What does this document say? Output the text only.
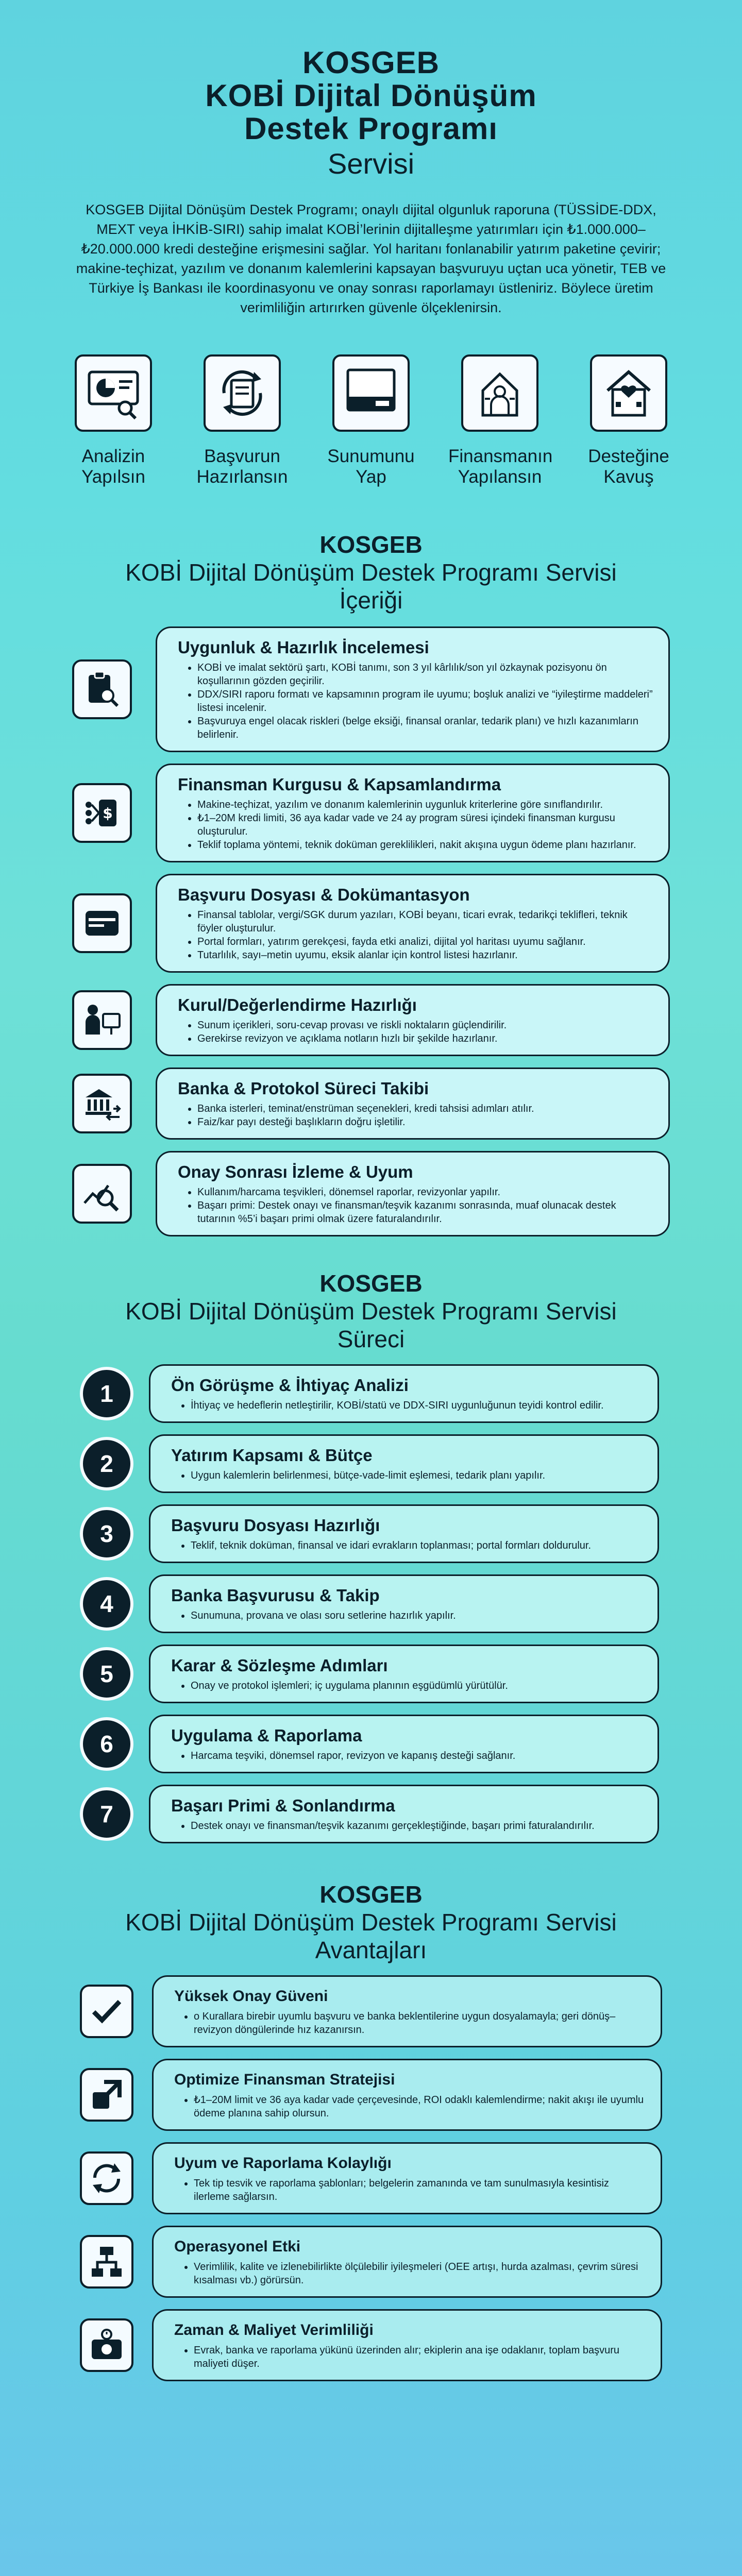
KOSGEB
KOBİ Dijital Dönüşüm
Destek Programı
Servisi

KOSGEB Dijital Dönüşüm Destek Programı; onaylı dijital olgunluk raporuna (TÜSSİDE-DDX, MEXT veya İHKİB-SIRI) sahip imalat KOBİ’lerinin dijitalleşme yatırımları için ₺1.000.000–₺20.000.000 kredi desteğine erişmesini sağlar. Yol haritanı fonlanabilir yatırım paketine çevirir; makine-teçhizat, yazılım ve donanım kalemlerini kapsayan başvuruyu uçtan uca yönetir, TEB ve Türkiye İş Bankası ile koordinasyonu ve onay sonrası raporlamayı üstleniriz. Böylece üretim verimliliğin artırırken güvenle ölçeklenirsin.

Analizin
Yapılsın
Başvurun
Hazırlansın
Sunumunu
Yap
Finansmanın
Yapılansın
Desteğine
Kavuş
KOSGEB
KOBİ Dijital Dönüşüm Destek Programı Servisi
İçeriği
Uygunluk & Hazırlık İncelemesi
• KOBİ ve imalat sektörü şartı, KOBİ tanımı, son 3 yıl kârlılık/son yıl özkaynak pozisyonu ön koşullarının gözden geçirilir.
• DDX/SIRI raporu formatı ve kapsamının program ile uyumu; boşluk analizi ve “iyileştirme maddeleri” listesi incelenir.
• Başvuruya engel olacak riskleri (belge eksiği, finansal oranlar, tedarik planı) ve hızlı kazanımların belirlenir.
$
Finansman Kurgusu & Kapsamlandırma
• Makine-teçhizat, yazılım ve donanım kalemlerinin uygunluk kriterlerine göre sınıflandırılır.
• ₺1–20M kredi limiti, 36 aya kadar vade ve 24 ay program süresi içindeki finansman kurgusu oluşturulur.
• Teklif toplama yöntemi, teknik doküman gereklilikleri, nakit akışına uygun ödeme planı hazırlanır.
Başvuru Dosyası & Dokümantasyon
• Finansal tablolar, vergi/SGK durum yazıları, KOBİ beyanı, ticari evrak, tedarikçi teklifleri, teknik föyler oluşturulur.
• Portal formları, yatırım gerekçesi, fayda etki analizi, dijital yol haritası uyumu sağlanır.
• Tutarlılık, sayı–metin uyumu, eksik alanlar için kontrol listesi hazırlanır.
Kurul/Değerlendirme Hazırlığı
• Sunum içerikleri, soru-cevap provası ve riskli noktaların güçlendirilir.
• Gerekirse revizyon ve açıklama notların hızlı bir şekilde hazırlanır.
Banka & Protokol Süreci Takibi
• Banka isterleri, teminat/enstrüman seçenekleri, kredi tahsisi adımları atılır.
• Faiz/kar payı desteği başlıkların doğru işletilir.
Onay Sonrası İzleme & Uyum
• Kullanım/harcama teşvikleri, dönemsel raporlar, revizyonlar yapılır.
• Başarı primi: Destek onayı ve finansman/teşvik kazanımı sonrasında, muaf olunacak destek tutarının %5’i başarı primi olmak üzere faturalandırılır.
KOSGEB
KOBİ Dijital Dönüşüm Destek Programı Servisi
Süreci
1	Ön Görüşme & İhtiyaç Analizi
• İhtiyaç ve hedeflerin netleştirilir, KOBİ/statü ve DDX-SIRI uygunluğunun teyidi kontrol edilir.
2	Yatırım Kapsamı & Bütçe
• Uygun kalemlerin belirlenmesi, bütçe-vade-limit eşlemesi, tedarik planı yapılır.
3	Başvuru Dosyası Hazırlığı
• Teklif, teknik doküman, finansal ve idari evrakların toplanması; portal formları doldurulur.
4	Banka Başvurusu & Takip
• Sunumuna, provana ve olası soru setlerine hazırlık yapılır.
5	Karar & Sözleşme Adımları
• Onay ve protokol işlemleri; iç uygulama planının eşgüdümlü yürütülür.
6	Uygulama & Raporlama
• Harcama teşviki, dönemsel rapor, revizyon ve kapanış desteği sağlanır.
7	Başarı Primi & Sonlandırma
• Destek onayı ve finansman/teşvik kazanımı gerçekleştiğinde, başarı primi faturalandırılır.
KOSGEB
KOBİ Dijital Dönüşüm Destek Programı Servisi
Avantajları
Yüksek Onay Güveni
• o Kurallara birebir uyumlu başvuru ve banka beklentilerine uygun dosyalamayla; geri dönüş–revizyon döngülerinde hız kazanırsın.
Optimize Finansman Stratejisi
• ₺1–20M limit ve 36 aya kadar vade çerçevesinde, ROI odaklı kalemlendirme; nakit akışı ile uyumlu ödeme planına sahip olursun.
Uyum ve Raporlama Kolaylığı
• Tek tip tesvik ve raporlama şablonları; belgelerin zamanında ve tam sunulmasıyla kesintisiz ilerleme sağlarsın.
Operasyonel Etki
• Verimlilik, kalite ve izlenebilirlikte ölçülebilir iyileşmeleri (OEE artışı, hurda azalması, çevrim süresi kısalması vb.) görürsün.
Zaman & Maliyet Verimliliği
• Evrak, banka ve raporlama yükünü üzerinden alır; ekiplerin ana işe odaklanır, toplam başvuru maliyeti düşer.
